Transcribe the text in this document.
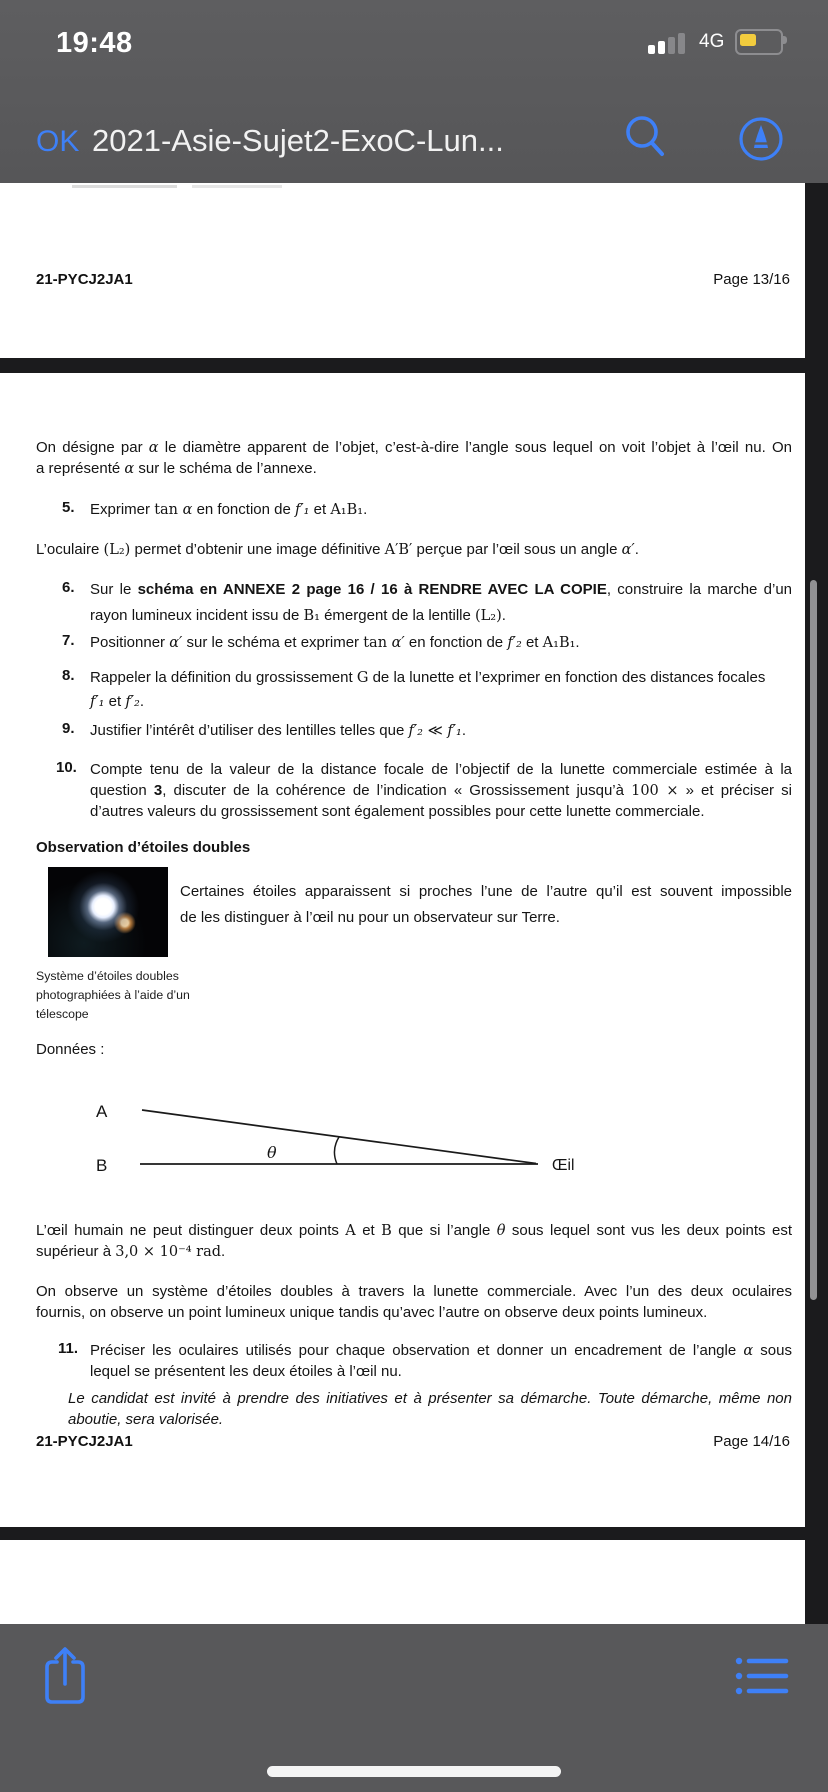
19:48	4G
OK 2021-Asie-Sujet2-ExoC-Lun...
21-PYCJ2JA1	Page 13/16
On désigne par α le diamètre apparent de l’objet, c’est-à-dire l’angle sous lequel on voit l’objet à l’œil nu. On
a représenté α sur le schéma de l’annexe.
5. Exprimer tan α en fonction de f′₁ et A₁B₁.
L’oculaire (L₂) permet d’obtenir une image définitive A′B′ perçue par l’œil sous un angle α′.
6. Sur le schéma en ANNEXE 2 page 16 / 16 à RENDRE AVEC LA COPIE, construire la marche d’un
rayon lumineux incident issu de B₁ émergent de la lentille (L₂).
7. Positionner α′ sur le schéma et exprimer tan α′ en fonction de f′₂ et A₁B₁.
8. Rappeler la définition du grossissement G de la lunette et l’exprimer en fonction des distances focales
f′₁ et f′₂.
9. Justifier l’intérêt d’utiliser des lentilles telles que f′₂ ≪ f′₁.
10. Compte tenu de la valeur de la distance focale de l’objectif de la lunette commerciale estimée à la
question 3, discuter de la cohérence de l’indication « Grossissement jusqu’à 100 × » et préciser si
d’autres valeurs du grossissement sont également possibles pour cette lunette commerciale.
Observation d’étoiles doubles
Certaines étoiles apparaissent si proches l’une de l’autre qu’il est souvent impossible
de les distinguer à l’œil nu pour un observateur sur Terre.
Système d’étoiles doubles
photographiées à l’aide d’un
télescope
Données :
A
B
θ
Œil
L’œil humain ne peut distinguer deux points A et B que si l’angle θ sous lequel sont vus les deux points est
supérieur à 3,0 × 10⁻⁴ rad.
On observe un système d’étoiles doubles à travers la lunette commerciale. Avec l’un des deux oculaires
fournis, on observe un point lumineux unique tandis qu’avec l’autre on observe deux points lumineux.
11. Préciser les oculaires utilisés pour chaque observation et donner un encadrement de l’angle α sous
lequel se présentent les deux étoiles à l’œil nu.
Le candidat est invité à prendre des initiatives et à présenter sa démarche. Toute démarche, même non
aboutie, sera valorisée.
21-PYCJ2JA1	Page 14/16
